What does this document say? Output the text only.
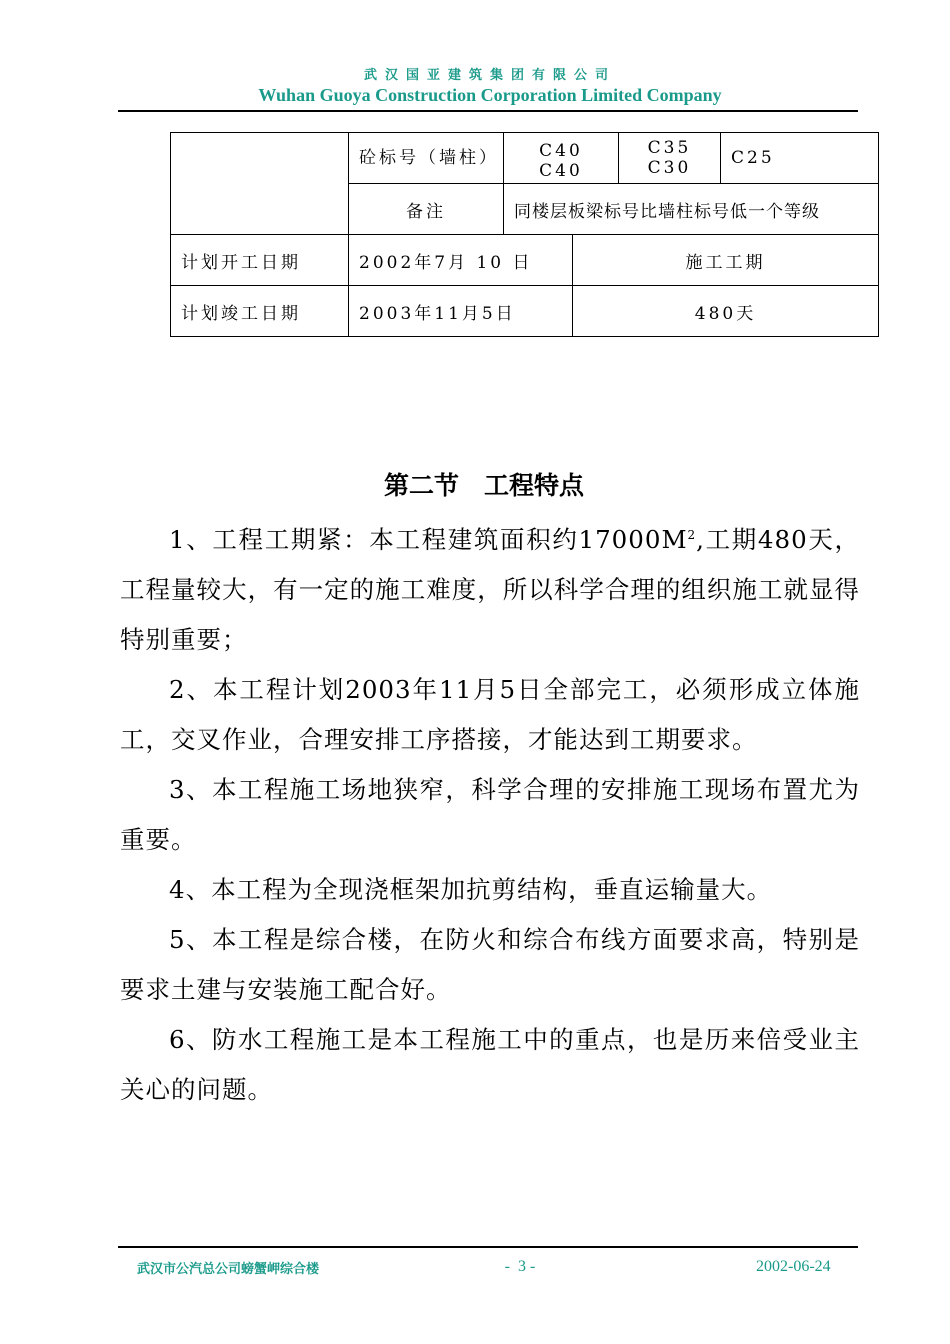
武汉国亚建筑集团有限公司
Wuhan Guoya Construction Corporation Limited Company
	砼标号（墙柱）	C40　C40		C35 C30	C25
	备注	同楼层板梁标号比墙柱标号低一个等级			
计划开工日期	2002年7月 10 日		施工工期		
计划竣工日期	2003年11月5日		480天		
第二节　工程特点

1、工程工期紧：本工程建筑面积约$17000M^2$,工期480天，工程量较大，有一定的施工难度，所以科学合理的组织施工就显得特别重要；

2、本工程计划2003年11月5日全部完工，必须形成立体施工，交叉作业，合理安排工序搭接，才能达到工期要求。

3、本工程施工场地狭窄，科学合理的安排施工现场布置尤为重要。

4、本工程为全现浇框架加抗剪结构，垂直运输量大。

5、本工程是综合楼，在防火和综合布线方面要求高，特别是要求土建与安装施工配合好。

6、防水工程施工是本工程施工中的重点，也是历来倍受业主关心的问题。

武汉市公汽总公司螃蟹岬综合楼	-  3 -	2002-06-24
